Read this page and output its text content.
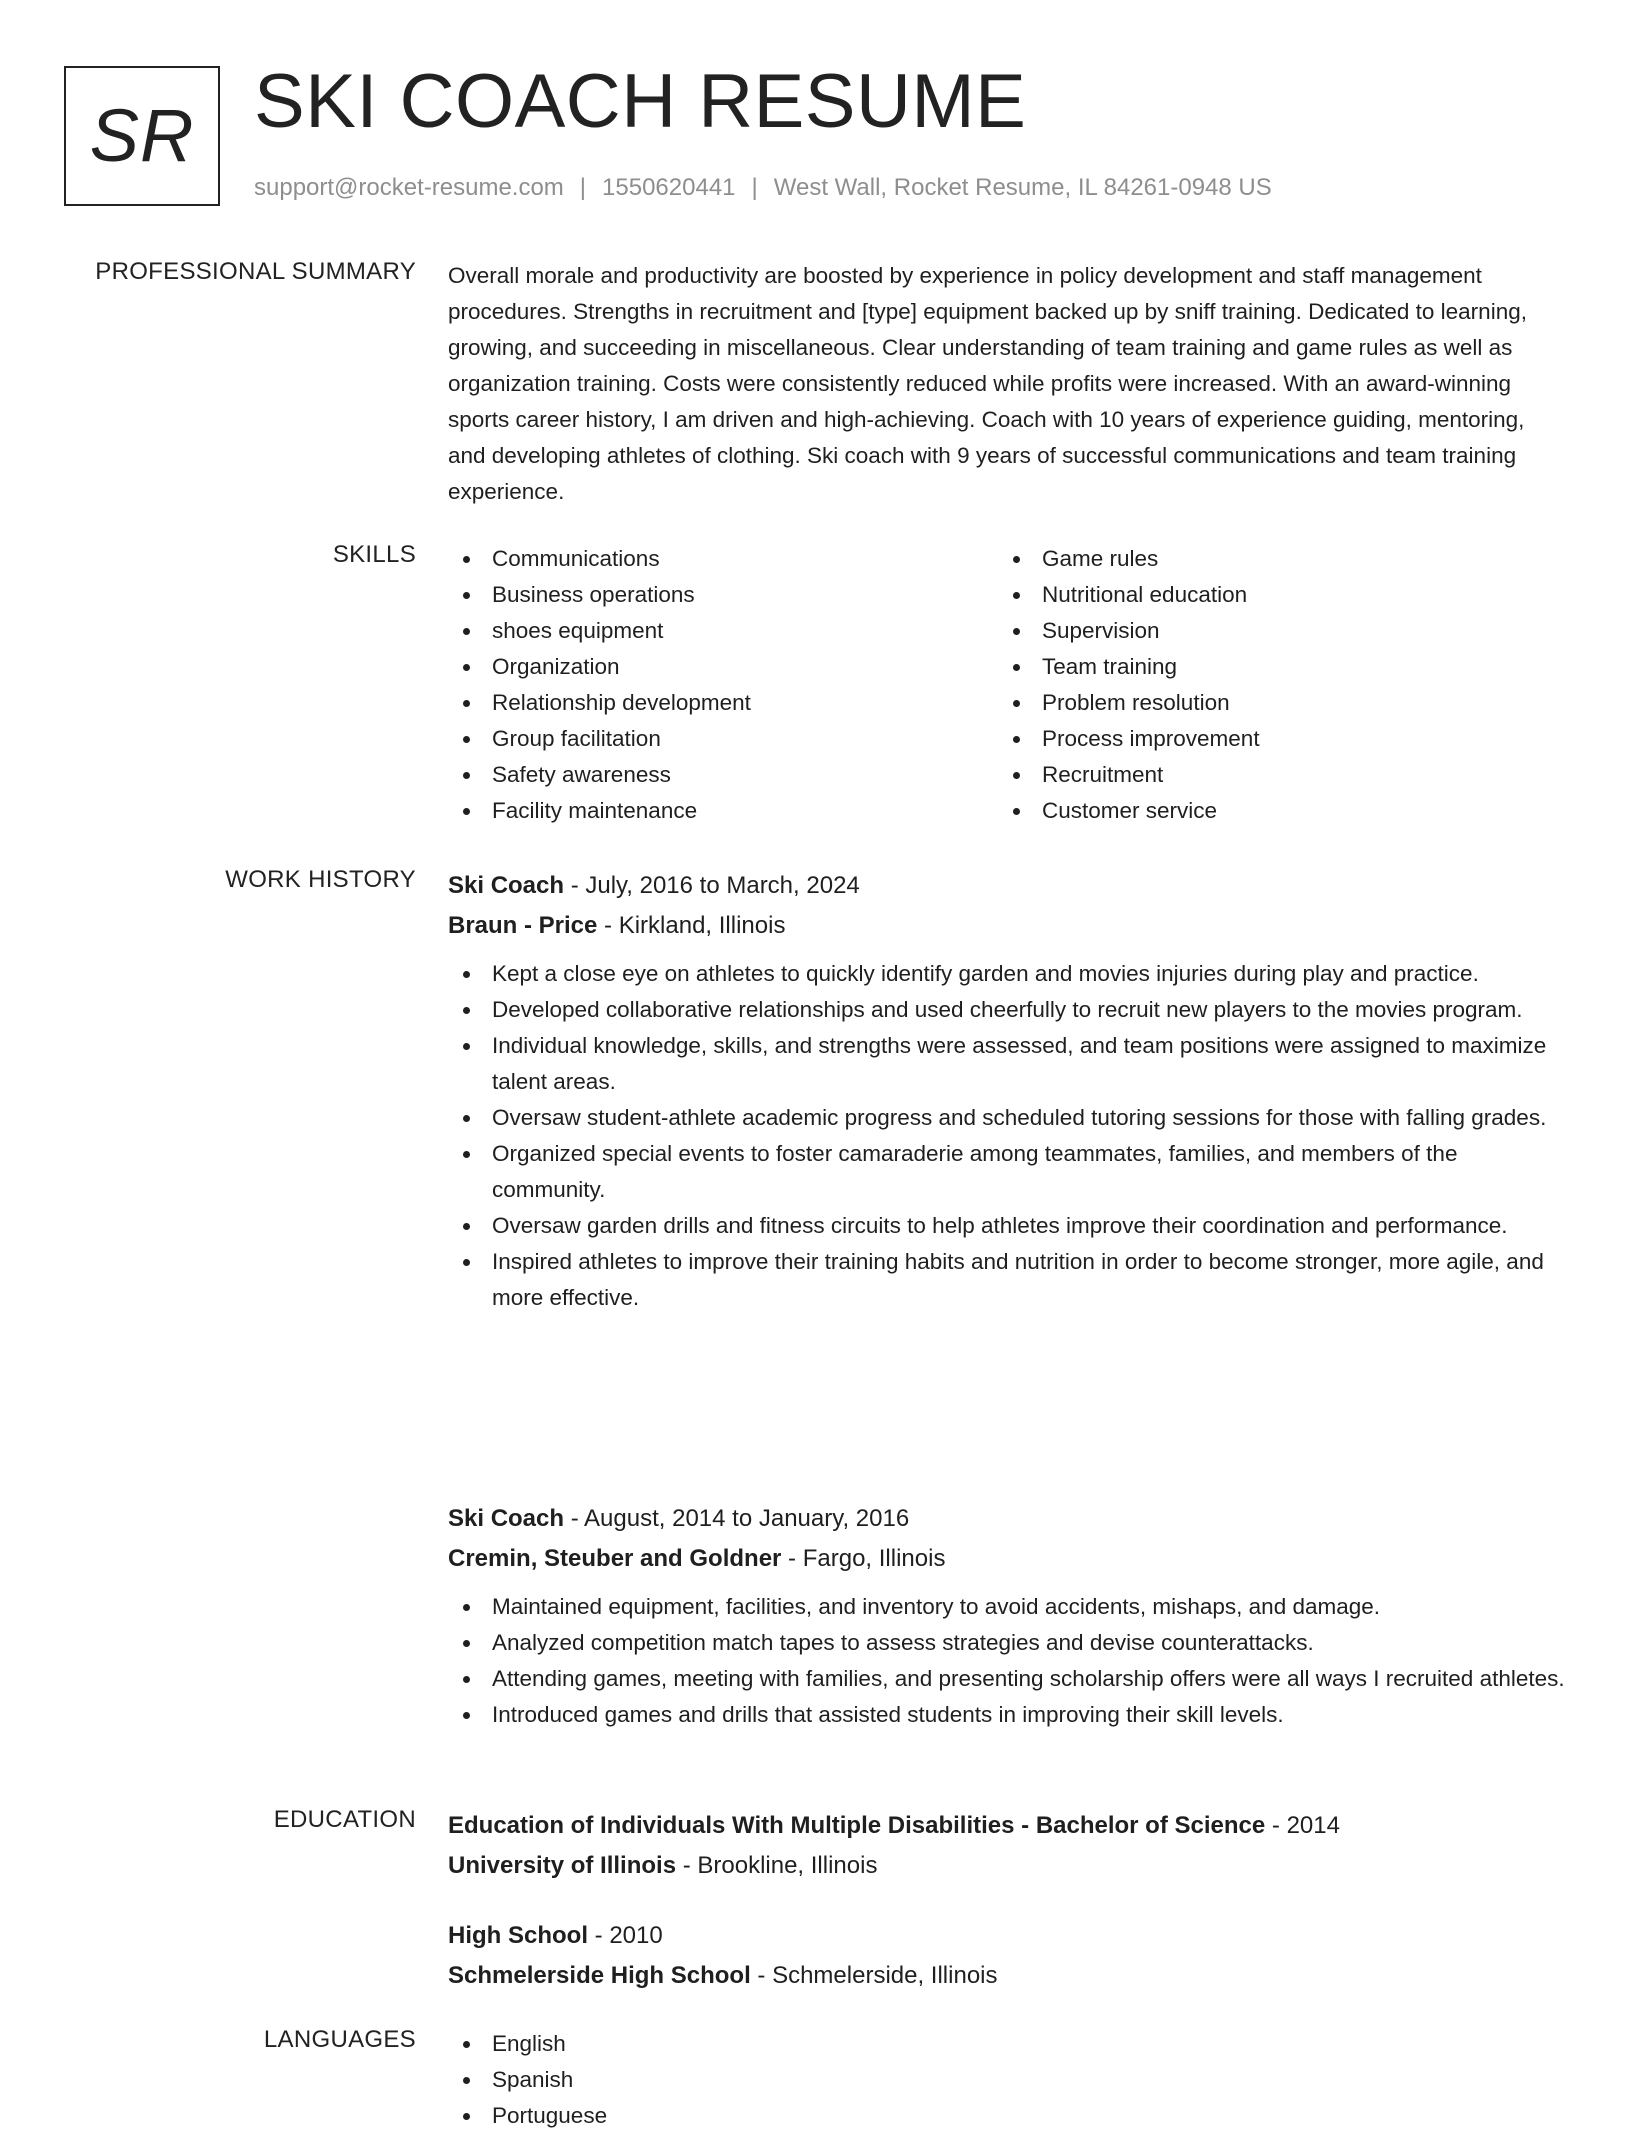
SR SKI COACH RESUME
support@rocket-resume.com | 1550620441 | West Wall, Rocket Resume, IL 84261-0948 US
PROFESSIONAL SUMMARY Overall morale and productivity are boosted by experience in policy development and staff management procedures. Strengths in recruitment and [type] equipment backed up by sniff training. Dedicated to learning, growing, and succeeding in miscellaneous. Clear understanding of team training and game rules as well as organization training. Costs were consistently reduced while profits were increased. With an award-winning sports career history, I am driven and high-achieving. Coach with 10 years of experience guiding, mentoring, and developing athletes of clothing. Ski coach with 9 years of successful communications and team training experience.

SKILLS	Communications
Business operations
shoes equipment
Organization
Relationship development
Group facilitation
Safety awareness
Facility maintenance
Game rules
Nutritional education
Supervision
Team training
Problem resolution
Process improvement
Recruitment
Customer service
WORK HISTORY Ski Coach - July, 2016 to March, 2024
Braun - Price - Kirkland, Illinois
Kept a close eye on athletes to quickly identify garden and movies injuries during play and practice.
Developed collaborative relationships and used cheerfully to recruit new players to the movies program.
Individual knowledge, skills, and strengths were assessed, and team positions were assigned to maximize talent areas.
Oversaw student-athlete academic progress and scheduled tutoring sessions for those with falling grades.
Organized special events to foster camaraderie among teammates, families, and members of the community.
Oversaw garden drills and fitness circuits to help athletes improve their coordination and performance.
Inspired athletes to improve their training habits and nutrition in order to become stronger, more agile, and more effective.
Ski Coach - August, 2014 to January, 2016
Cremin, Steuber and Goldner - Fargo, Illinois
Maintained equipment, facilities, and inventory to avoid accidents, mishaps, and damage.
Analyzed competition match tapes to assess strategies and devise counterattacks.
Attending games, meeting with families, and presenting scholarship offers were all ways I recruited athletes.
Introduced games and drills that assisted students in improving their skill levels.
EDUCATION Education of Individuals With Multiple Disabilities - Bachelor of Science - 2014
University of Illinois - Brookline, Illinois
High School - 2010
Schmelerside High School - Schmelerside, Illinois
LANGUAGES	English
Spanish
Portuguese
